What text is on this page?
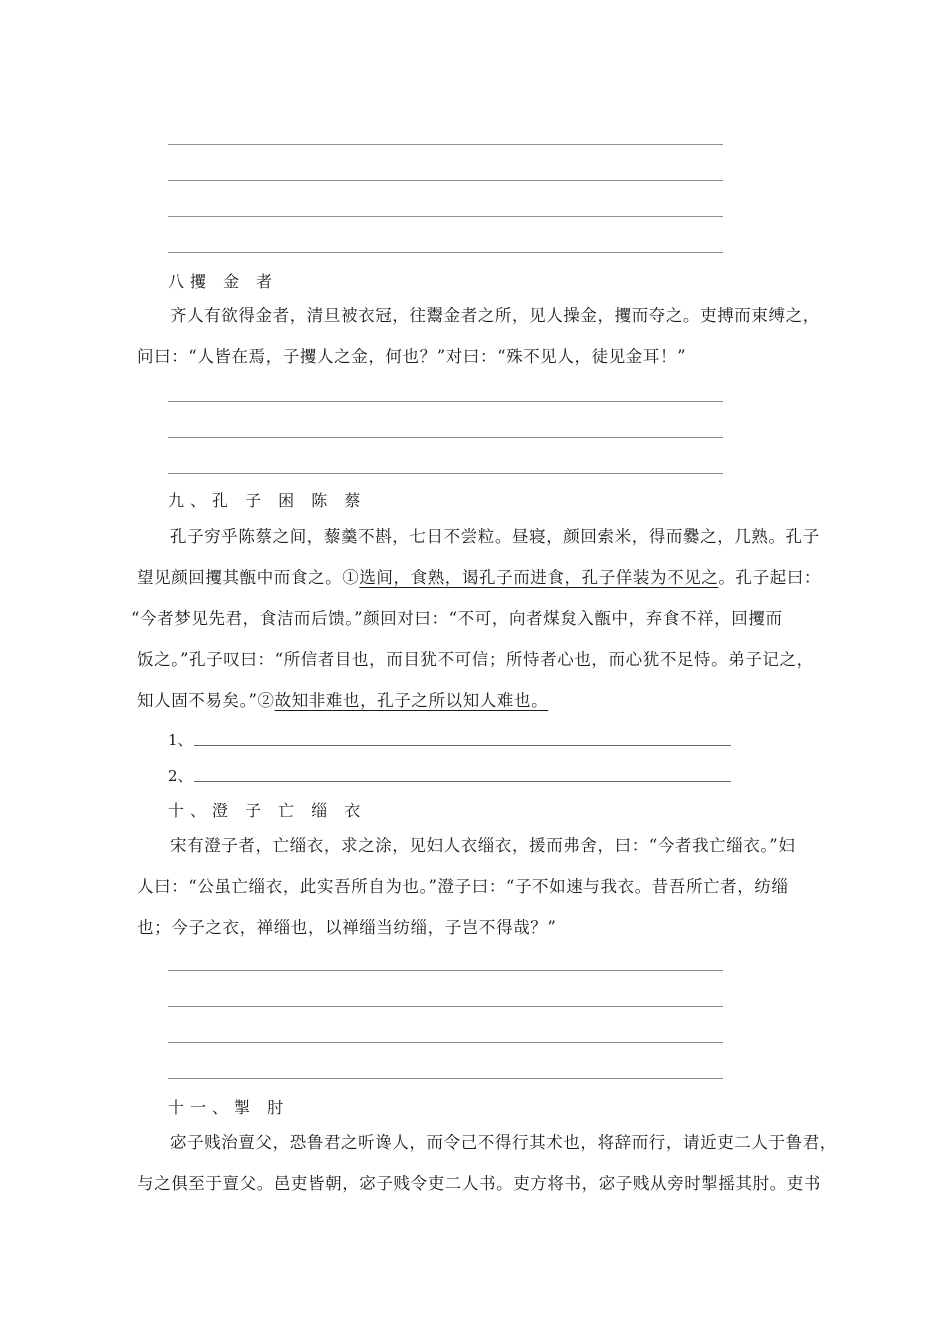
八攫 金 者
齐人有欲得金者，清旦被衣冠，往鬻金者之所，见人操金，攫而夺之。吏搏而束缚之，
问曰：“人皆在焉，子攫人之金，何也？”对曰：“殊不见人，徒见金耳！”
九、孔 子 困 陈 蔡
孔子穷乎陈蔡之间，藜羹不斟，七日不尝粒。昼寝，颜回索米，得而爨之，几熟。孔子
望见颜回攫其甑中而食之。①选间，食熟，谒孔子而进食，孔子佯装为不见之。孔子起曰：
“今者梦见先君，食洁而后馈。”颜回对曰：“不可，向者煤炱入甑中，弃食不祥，回攫而
饭之。”孔子叹曰：“所信者目也，而目犹不可信；所恃者心也，而心犹不足恃。弟子记之，
知人固不易矣。”②故知非难也，孔子之所以知人难也。
1、
2、
十、澄 子 亡 缁 衣
宋有澄子者，亡缁衣，求之涂，见妇人衣缁衣，援而弗舍，曰：“今者我亡缁衣。”妇
人曰：“公虽亡缁衣，此实吾所自为也。”澄子曰：“子不如速与我衣。昔吾所亡者，纺缁
也；今子之衣，禅缁也，以禅缁当纺缁，子岂不得哉？”
十一、掣 肘
宓子贱治亶父，恐鲁君之听谗人，而令己不得行其术也，将辞而行，请近吏二人于鲁君，
与之俱至于亶父。邑吏皆朝，宓子贱令吏二人书。吏方将书，宓子贱从旁时掣摇其肘。吏书
